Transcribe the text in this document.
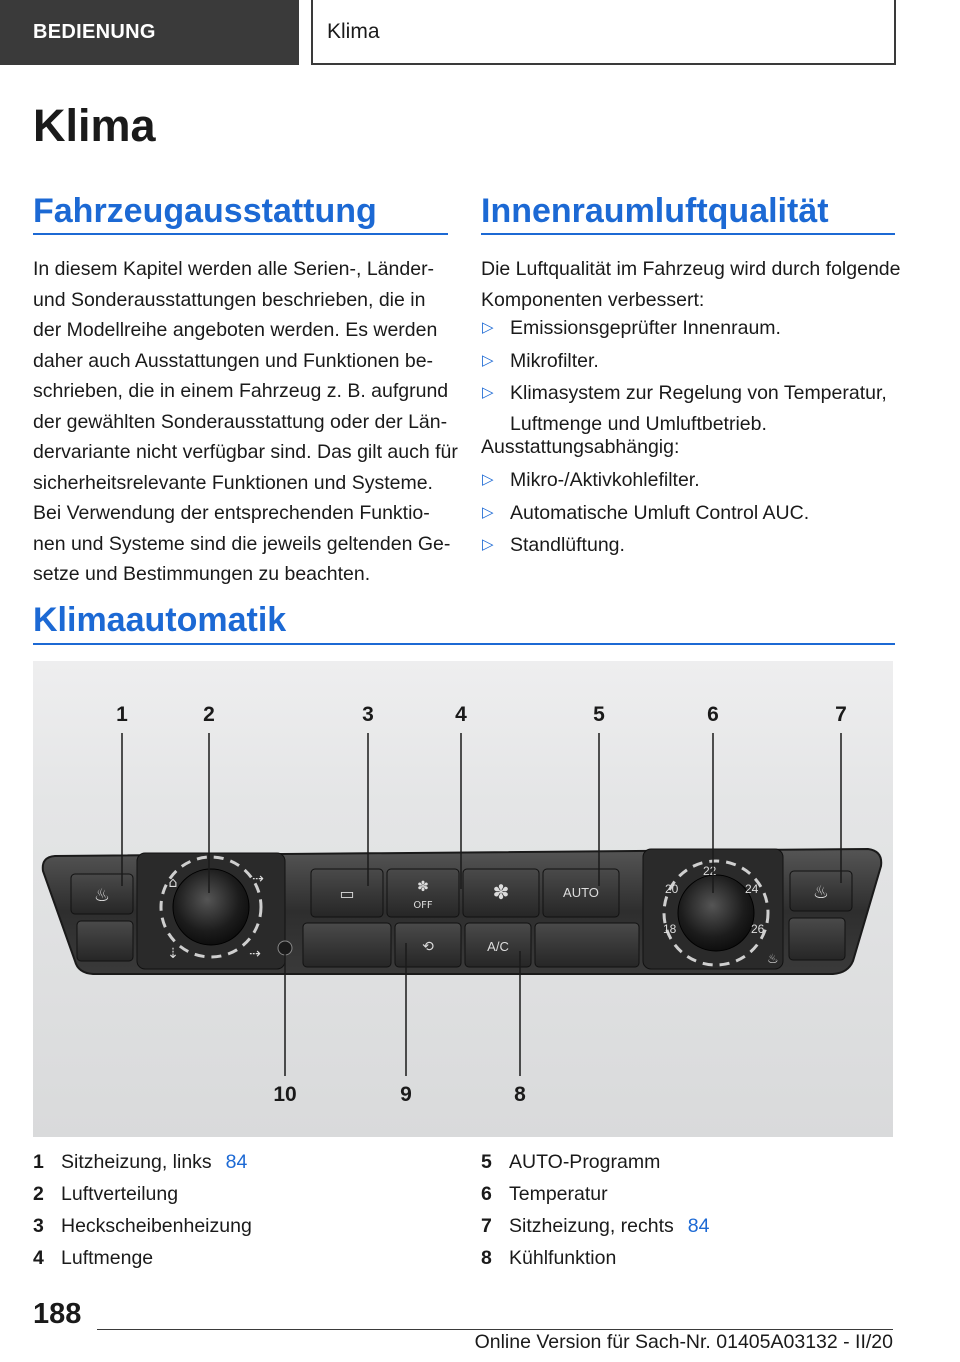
BEDIENUNG	Klima
Klima
Fahrzeugausstattung
In diesem Kapitel werden alle Serien-, Länder-
und Sonderausstattungen beschrieben, die in
der Modellreihe angeboten werden. Es werden
daher auch Ausstattungen und Funktionen be-
schrieben, die in einem Fahrzeug z. B. aufgrund
der gewählten Sonderausstattung oder der Län-
dervariante nicht verfügbar sind. Das gilt auch für
sicherheitsrelevante Funktionen und Systeme.
Bei Verwendung der entsprechenden Funktio-
nen und Systeme sind die jeweils geltenden Ge-
setze und Bestimmungen zu beachten.
Innenraumluftqualität
Die Luftqualität im Fahrzeug wird durch folgende
Komponenten verbessert:
▷ Emissionsgeprüfter Innenraum.
▷ Mikrofilter.
▷ Klimasystem zur Regelung von Temperatur,
Luftmenge und Umluftbetrieb.
Ausstattungsabhängig:
▷ Mikro-/Aktivkohlefilter.
▷ Automatische Umluft Control AUC.
▷ Standlüftung.
Klimaautomatik
♨
⌂	⇢
⇣	⇢
▭	✽
OFF
✽	AUTO
⟲	A/C
18
20
22
24
26
♨
♨
1	2	3	4	5	6	7
10	9	8
1 Sitzheizung, links 84
2 Luftverteilung
3 Heckscheibenheizung
4 Luftmenge
5 AUTO-Programm
6 Temperatur
7 Sitzheizung, rechts 84
8 Kühlfunktion
188
Online Version für Sach-Nr. 01405A03132 - II/20
